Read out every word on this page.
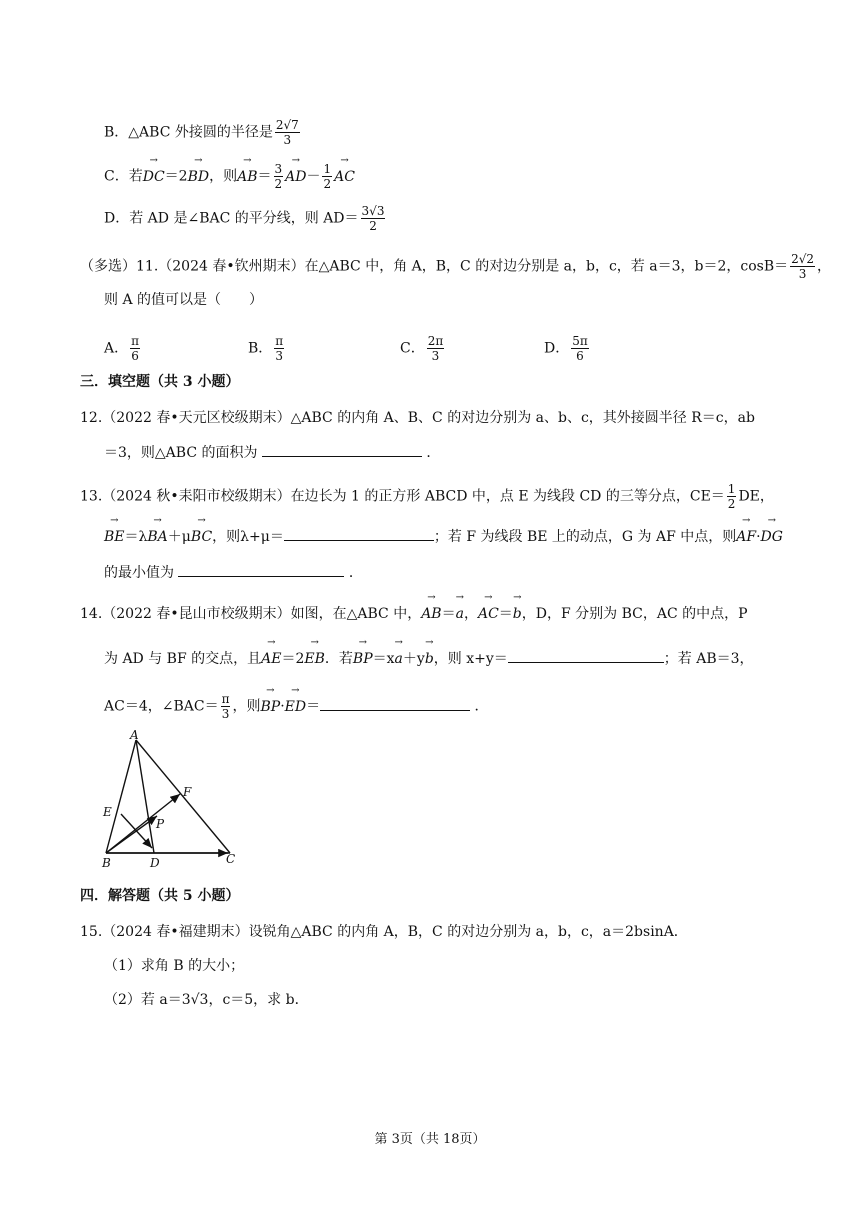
B．△ABC 外接圆的半径是 $\frac{2√7}{3}$
C．若→ DC＝2→ BD，则→ $AB= \frac{3}{2}$
→ $AD- \frac{1}{2}$
→ AC
D．若 AD 是∠BAC 的平分线，则 $AD= \frac{3√3}{2}$
（多选）11.（2024 春•钦州期末）在△ABC 中，角 A，B，C 的对边分别是 a，b，c，若 a＝3，b＝2，$\cos B= \frac{2√2}{3}$ ，
则 A 的值可以是（　　）
A． $\frac{\pi}{6}$	B． $\frac{\pi}{3}$	C． $\frac{2\pi}{3}$	D． $\frac{5\pi}{6}$
三．填空题（共 3 小题）
12.（2022 春•天元区校级期末）△ABC 的内角 A、B、C 的对边分别为 a、b、c，其外接圆半径 R＝c，ab
＝3，则△ABC 的面积为	．
13.（2024 秋•耒阳市校级期末）在边长为 1 的正方形 ABCD 中，点 E 为线段 CD 的三等分点，$CE= \frac{1}{2}$ DE，
→ BE＝λ→ BA＋μ→ BC，则λ+μ＝	；若 F 为线段 BE 上的动点，G 为 AF 中点，则→ AF·→ DG
的最小值为	．
14.（2022 春•昆山市校级期末）如图，在△ABC 中，→ AB＝→ a，→ AC＝→ b，D，F 分别为 BC，AC 的中点，P
为 AD 与 BF 的交点，且→ AE＝2→ EB．若→ BP＝x→ a＋y→ b，则 x+y＝	；若 AB＝3，
AC＝4，∠BAC＝ $\frac{\pi}{3}$ ，则→ BP·→ ED＝	．
A
E
F
P
B	D	C
四．解答题（共 5 小题）
15.（2024 春•福建期末）设锐角△ABC 的内角 A，B，C 的对边分别为 a，b，c，a＝2bsinA．
（1）求角 B 的大小；
（2）若 a＝3√3，c＝5，求 b．
第 3页（共 18页）
